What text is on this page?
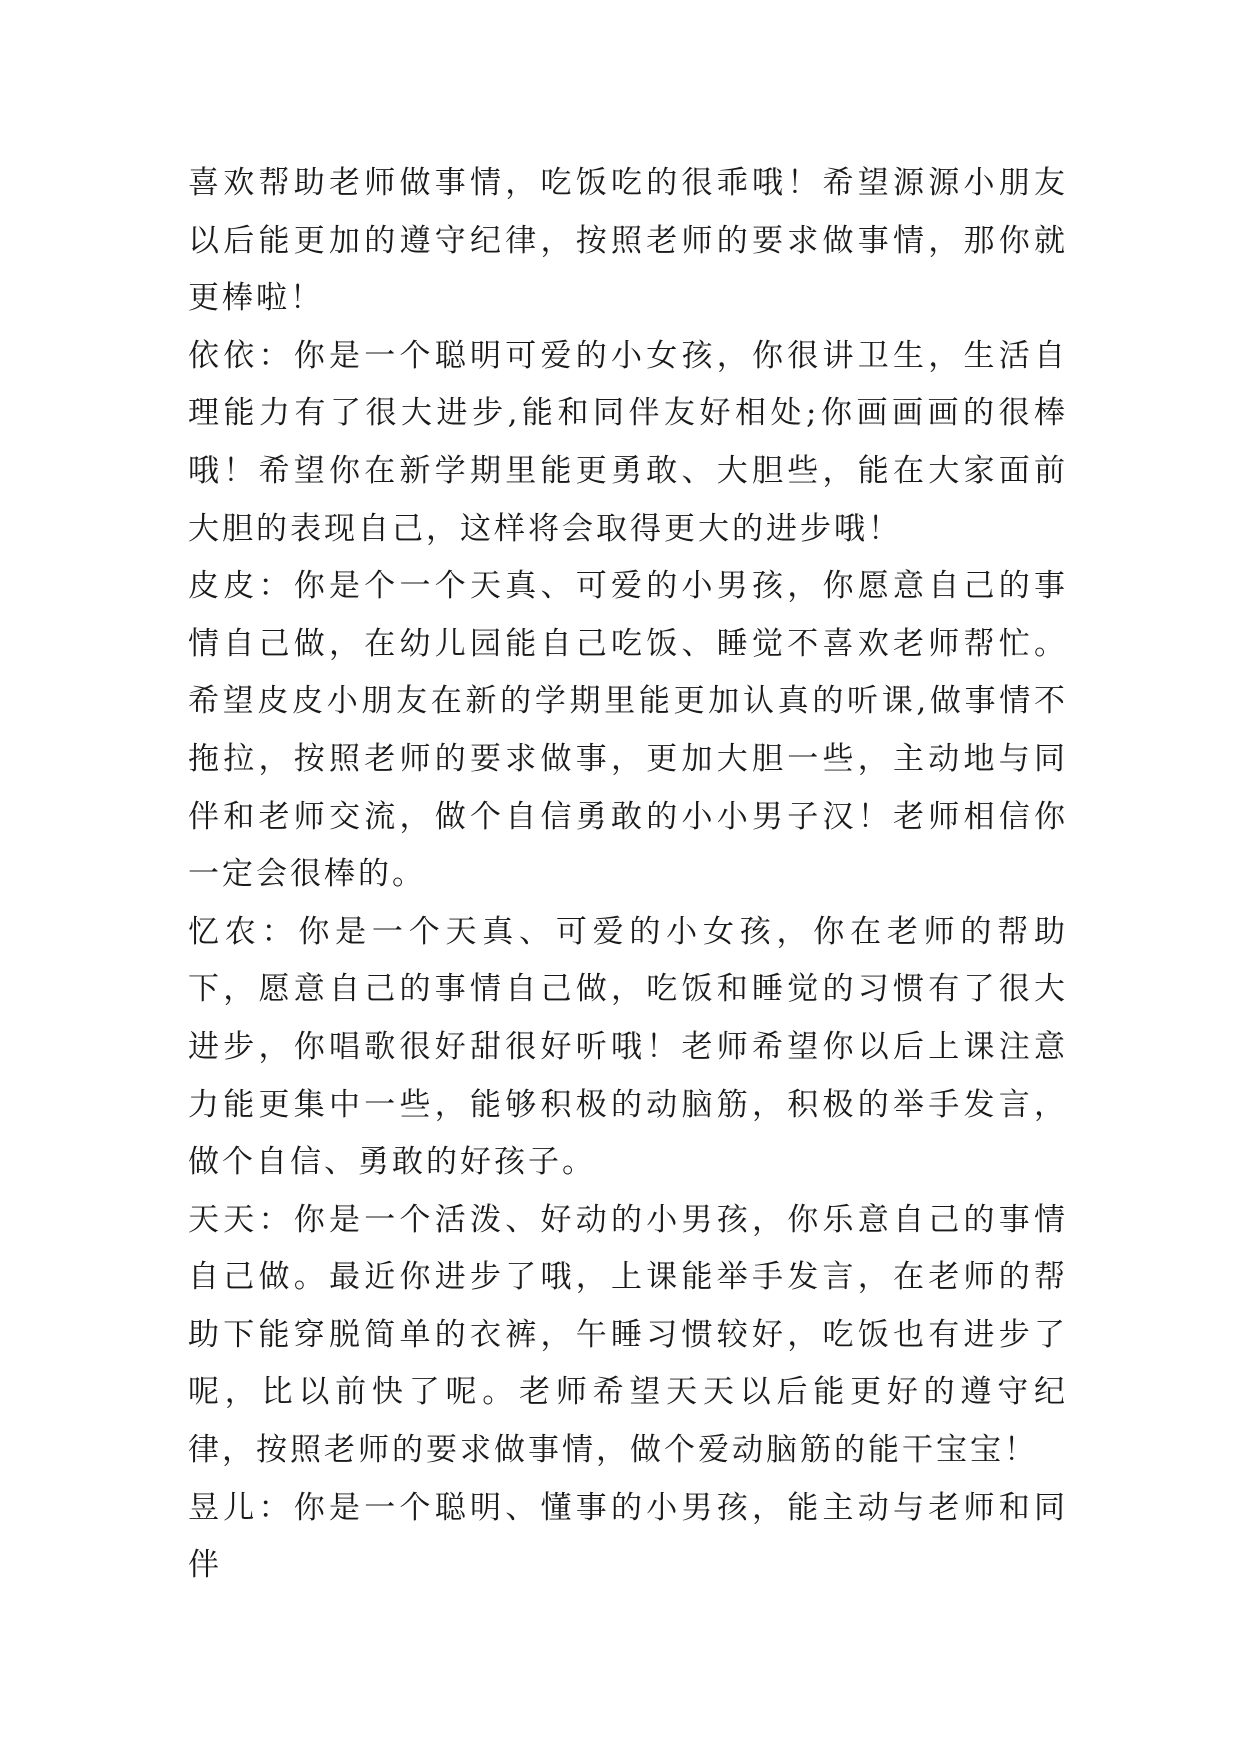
喜欢帮助老师做事情，吃饭吃的很乖哦！希望源源小朋友以后能更加的遵守纪律，按照老师的要求做事情，那你就更棒啦！

依依：你是一个聪明可爱的小女孩，你很讲卫生，生活自理能力有了很大进步,能和同伴友好相处;你画画画的很棒哦！希望你在新学期里能更勇敢、大胆些，能在大家面前大胆的表现自己，这样将会取得更大的进步哦！

皮皮：你是个一个天真、可爱的小男孩，你愿意自己的事情自己做，在幼儿园能自己吃饭、睡觉不喜欢老师帮忙。希望皮皮小朋友在新的学期里能更加认真的听课,做事情不拖拉，按照老师的要求做事，更加大胆一些，主动地与同伴和老师交流，做个自信勇敢的小小男子汉！老师相信你一定会很棒的。

忆农：你是一个天真、可爱的小女孩，你在老师的帮助下，愿意自己的事情自己做，吃饭和睡觉的习惯有了很大进步，你唱歌很好甜很好听哦！老师希望你以后上课注意力能更集中一些，能够积极的动脑筋，积极的举手发言，做个自信、勇敢的好孩子。

天天：你是一个活泼、好动的小男孩，你乐意自己的事情自己做。最近你进步了哦，上课能举手发言，在老师的帮助下能穿脱简单的衣裤，午睡习惯较好，吃饭也有进步了呢，比以前快了呢。老师希望天天以后能更好的遵守纪律，按照老师的要求做事情，做个爱动脑筋的能干宝宝！

昱儿：你是一个聪明、懂事的小男孩，能主动与老师和同伴
